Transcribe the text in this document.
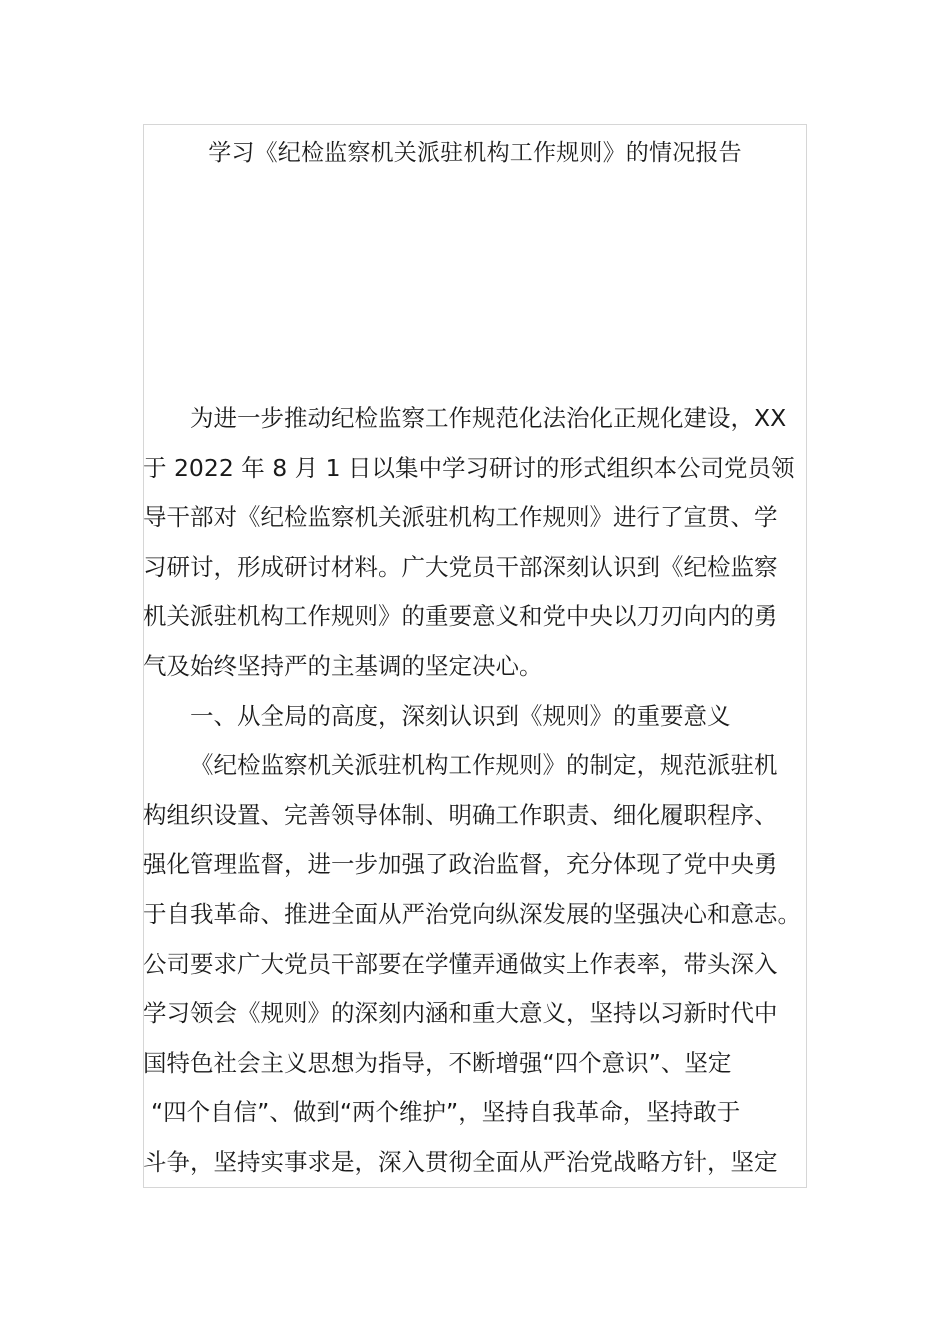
学习《纪检监察机关派驻机构工作规则》的情况报告
为进一步推动纪检监察工作规范化法治化正规化建设，XX
于 2022 年 8 月 1 日以集中学习研讨的形式组织本公司党员领
导干部对《纪检监察机关派驻机构工作规则》进行了宣贯、学
习研讨，形成研讨材料。广大党员干部深刻认识到《纪检监察
机关派驻机构工作规则》的重要意义和党中央以刀刃向内的勇
气及始终坚持严的主基调的坚定决心。
一、从全局的高度，深刻认识到《规则》的重要意义
《纪检监察机关派驻机构工作规则》的制定，规范派驻机
构组织设置、完善领导体制、明确工作职责、细化履职程序、
强化管理监督，进一步加强了政治监督，充分体现了党中央勇
于自我革命、推进全面从严治党向纵深发展的坚强决心和意志。
公司要求广大党员干部要在学懂弄通做实上作表率，带头深入
学习领会《规则》的深刻内涵和重大意义，坚持以习新时代中
国特色社会主义思想为指导，不断增强“四个意识”、坚定
“四个自信”、做到“两个维护”，坚持自我革命，坚持敢于
斗争，坚持实事求是，深入贯彻全面从严治党战略方针，坚定
